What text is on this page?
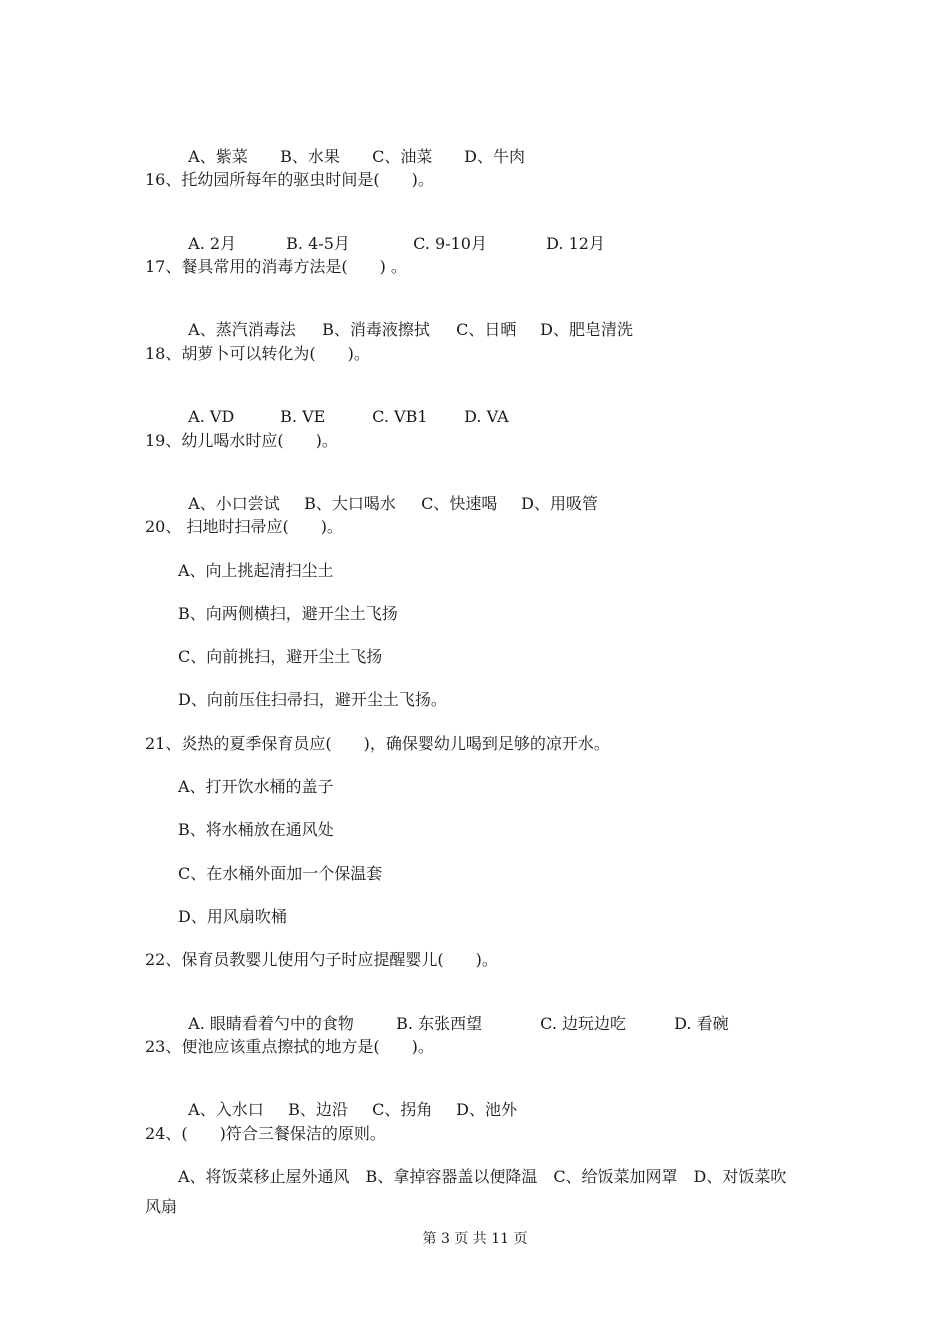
A、紫菜 B、水果 C、油菜 D、牛肉

16、托幼园所每年的驱虫时间是(　　)。

A. 2月	B. 4-5月	C. 9-10月	D. 12月

17、餐具常用的消毒方法是(　　) 。

A、蒸汽消毒法 B、消毒液擦拭 C、日晒 D、肥皂清洗

18、胡萝卜可以转化为(　　)。

A. VD	B. VE	C. VB1 D. VA

19、幼儿喝水时应(　　)。

A、小口尝试 B、大口喝水 C、快速喝 D、用吸管

20、 扫地时扫帚应(　　)。
A、向上挑起清扫尘土
B、向两侧横扫，避开尘土飞扬
C、向前挑扫，避开尘土飞扬
D、向前压住扫帚扫，避开尘土飞扬。
21、炎热的夏季保育员应(　　)，确保婴幼儿喝到足够的凉开水。
A、打开饮水桶的盖子
B、将水桶放在通风处
C、在水桶外面加一个保温套
D、用风扇吹桶
22、保育员教婴儿使用勺子时应提醒婴儿(　　)。

A. 眼睛看着勺中的食物	B. 东张西望	C. 边玩边吃	D. 看碗

23、便池应该重点擦拭的地方是(　　)。

A、入水口 B、边沿 C、拐角 D、池外

24、(　　)符合三餐保洁的原则。
A、将饭菜移止屋外通风　B、拿掉容器盖以便降温　C、给饭菜加网罩　D、对饭菜吹
风扇
第 3 页 共 11 页
